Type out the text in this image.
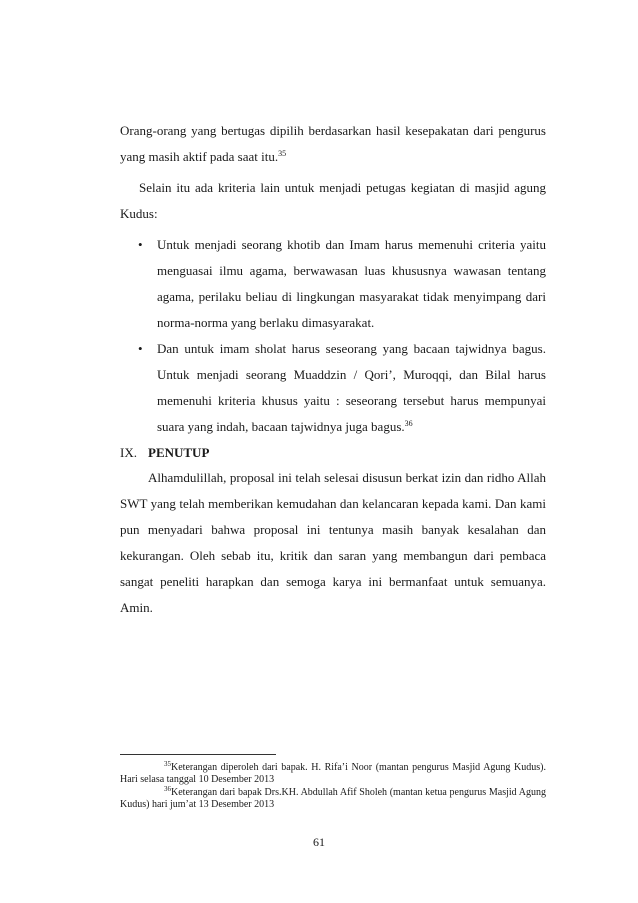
Orang-orang yang bertugas dipilih berdasarkan hasil kesepakatan dari pengurus yang masih aktif pada saat itu.$^{35}$
Selain itu ada kriteria lain untuk menjadi petugas kegiatan di masjid agung Kudus:
• Untuk menjadi seorang khotib dan Imam harus memenuhi criteria yaitu menguasai ilmu agama, berwawasan luas khususnya wawasan tentang agama, perilaku beliau di lingkungan masyarakat tidak menyimpang dari norma-norma yang berlaku dimasyarakat.
• Dan untuk imam sholat harus seseorang yang bacaan tajwidnya bagus. Untuk menjadi seorang Muaddzin / Qori’, Muroqqi, dan Bilal harus memenuhi kriteria khusus yaitu : seseorang tersebut harus mempunyai suara yang indah, bacaan tajwidnya juga bagus.$^{36}$
IX. PENUTUP
Alhamdulillah, proposal ini telah selesai disusun berkat izin dan ridho Allah SWT yang telah memberikan kemudahan dan kelancaran kepada kami. Dan kami pun menyadari bahwa proposal ini tentunya masih banyak kesalahan dan kekurangan. Oleh sebab itu, kritik dan saran yang membangun dari pembaca sangat peneliti harapkan dan semoga karya ini bermanfaat untuk semuanya. Amin.
$^{35}$Keterangan diperoleh dari bapak. H. Rifa’i Noor (mantan pengurus Masjid Agung Kudus). Hari selasa tanggal 10 Desember 2013
$^{36}$Keterangan dari bapak Drs.KH. Abdullah Afif Sholeh (mantan ketua pengurus Masjid Agung Kudus) hari jum’at 13 Desember 2013
61
